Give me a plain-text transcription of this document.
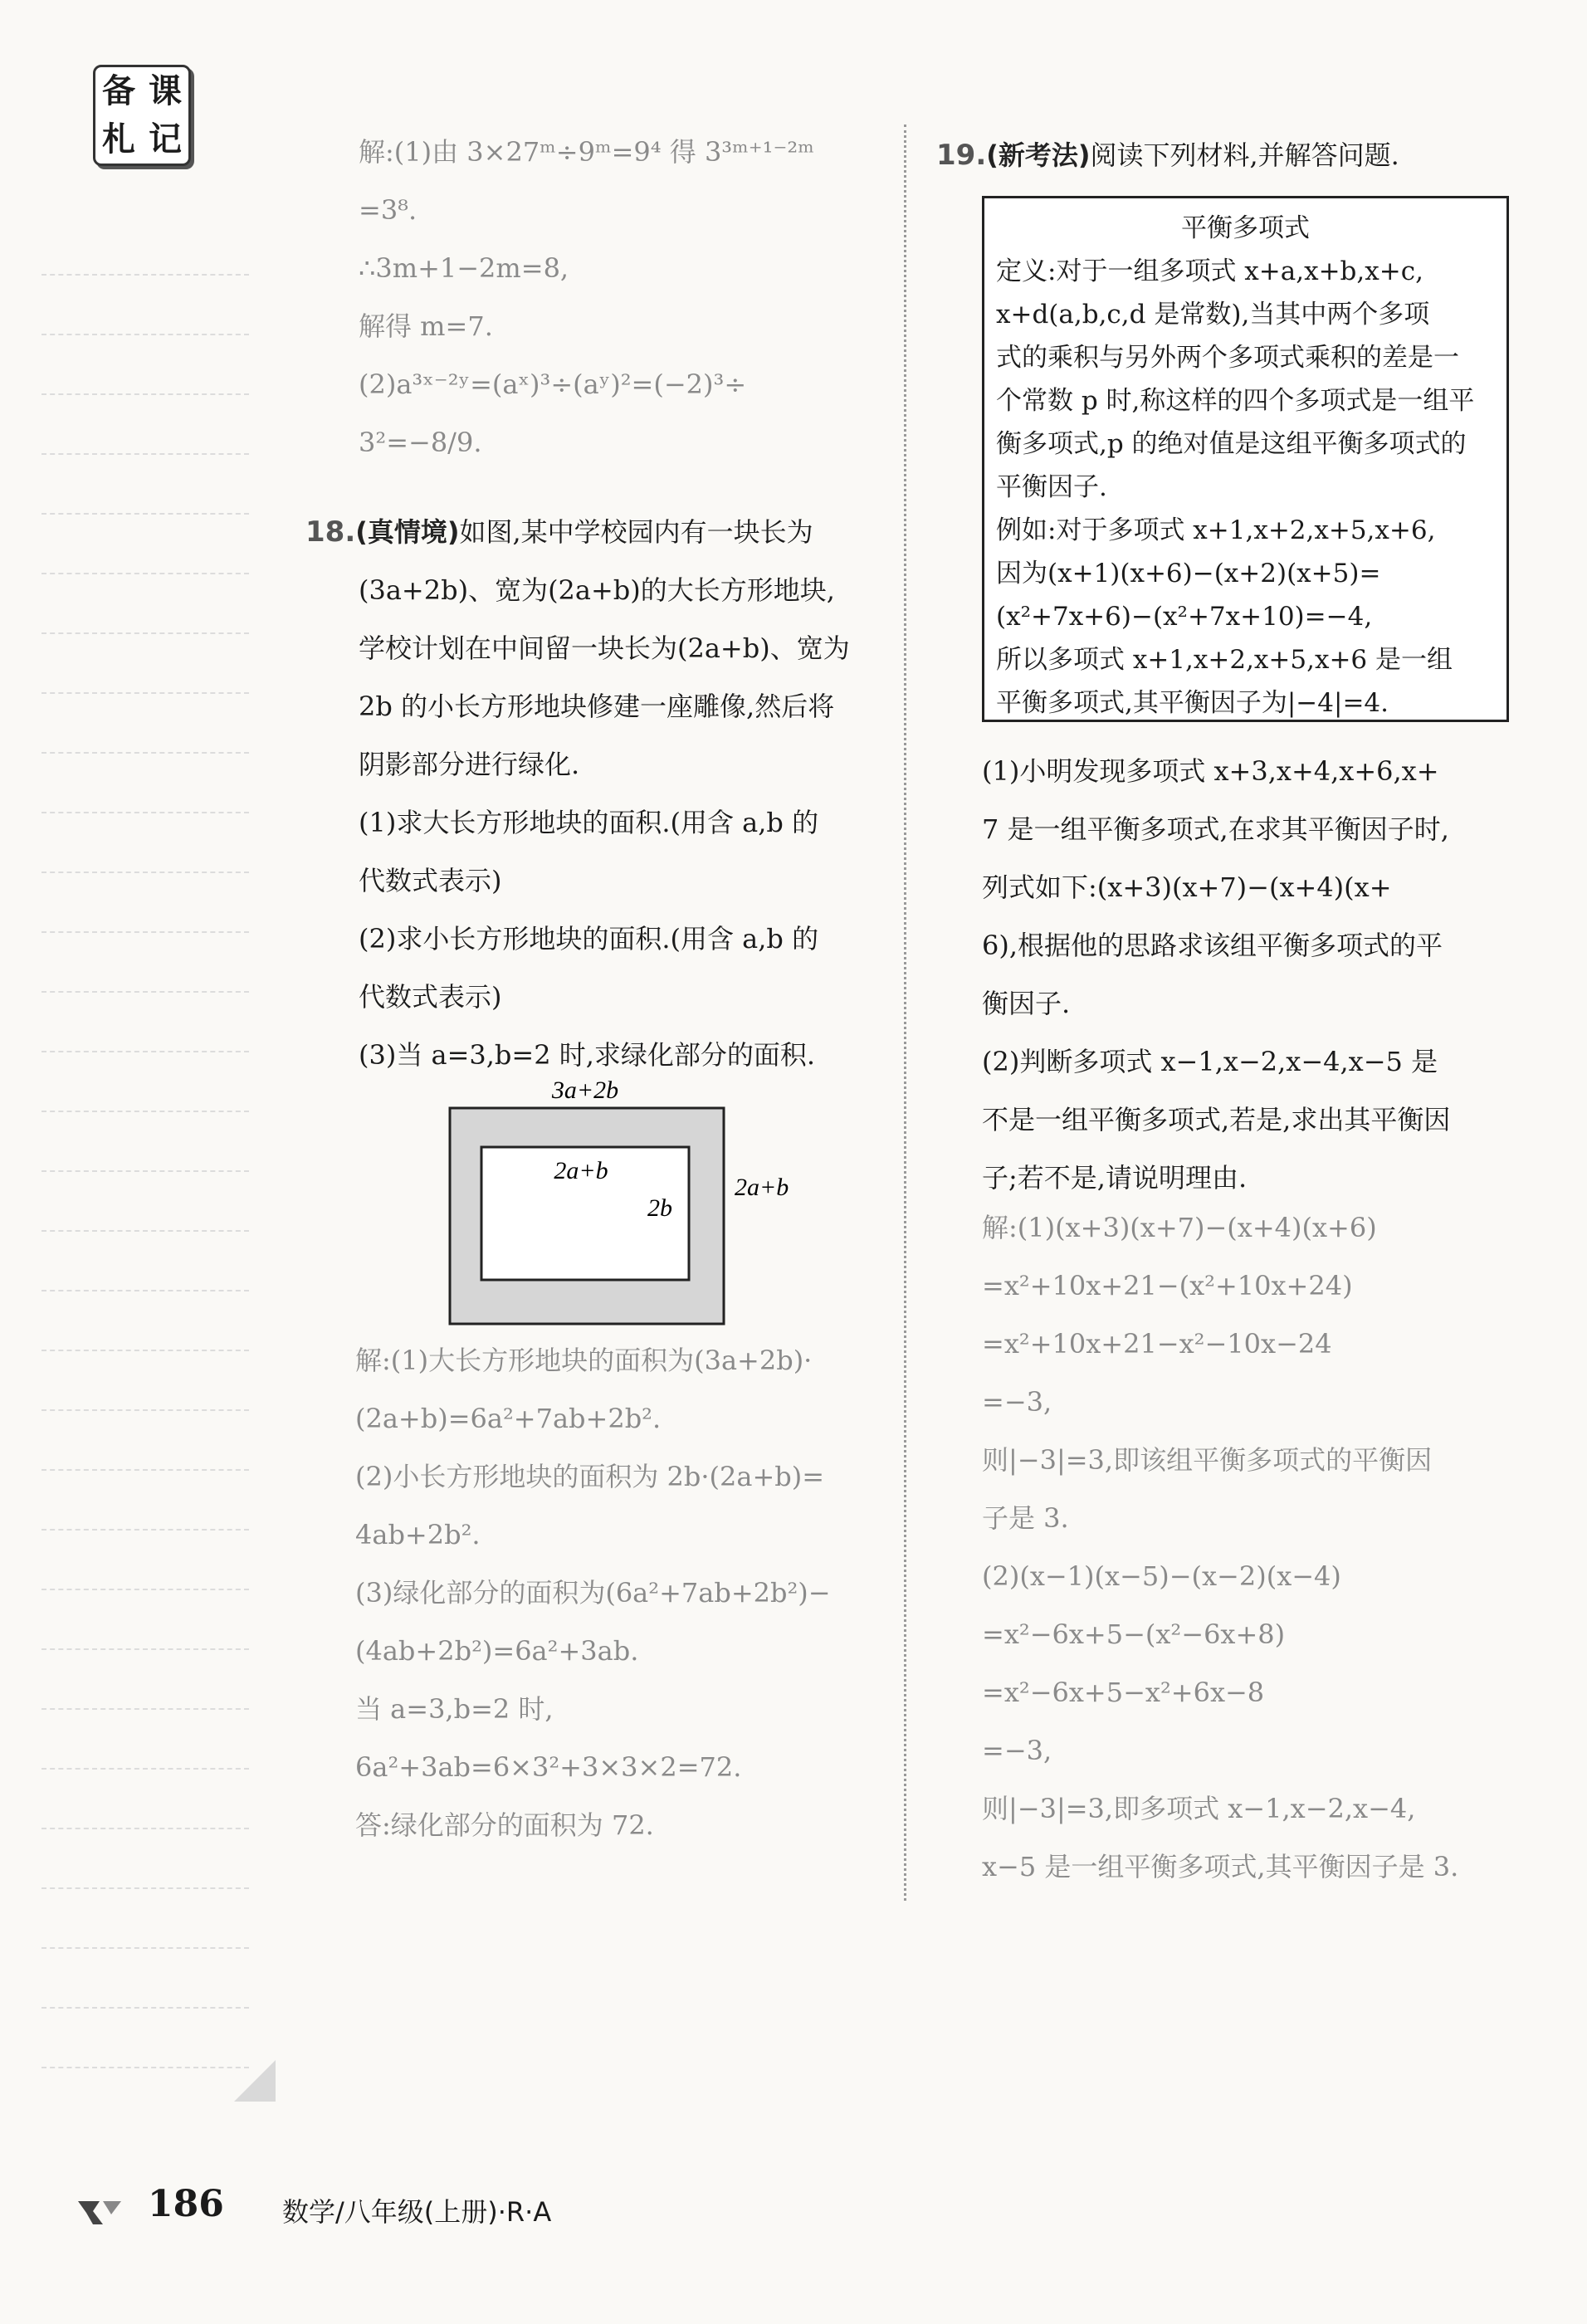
备 课
札 记	解:(1)由 3×27ᵐ÷9ᵐ=9⁴ 得 3³ᵐ⁺¹⁻²ᵐ
=3⁸.
∴3m+1−2m=8,
解得 m=7.
(2)a³ˣ⁻²ʸ=(aˣ)³÷(aʸ)²=(−2)³÷
3²=−8/9.
18.(真情境)如图,某中学校园内有一块长为
(3a+2b)、宽为(2a+b)的大长方形地块,
学校计划在中间留一块长为(2a+b)、宽为
2b 的小长方形地块修建一座雕像,然后将
阴影部分进行绿化.
(1)求大长方形地块的面积.(用含 a,b 的
代数式表示)
(2)求小长方形地块的面积.(用含 a,b 的
代数式表示)
(3)当 a=3,b=2 时,求绿化部分的面积.
3a+2b
2a+b
2a+b
2b
解:(1)大长方形地块的面积为(3a+2b)·
(2a+b)=6a²+7ab+2b².
(2)小长方形地块的面积为 2b·(2a+b)=
4ab+2b².
(3)绿化部分的面积为(6a²+7ab+2b²)−
(4ab+2b²)=6a²+3ab.
当 a=3,b=2 时,
6a²+3ab=6×3²+3×3×2=72.
答:绿化部分的面积为 72.
19.(新考法)阅读下列材料,并解答问题.
平衡多项式
定义:对于一组多项式 x+a,x+b,x+c,
x+d(a,b,c,d 是常数),当其中两个多项
式的乘积与另外两个多项式乘积的差是一
个常数 p 时,称这样的四个多项式是一组平
衡多项式,p 的绝对值是这组平衡多项式的
平衡因子.
例如:对于多项式 x+1,x+2,x+5,x+6,
因为(x+1)(x+6)−(x+2)(x+5)=
(x²+7x+6)−(x²+7x+10)=−4,
所以多项式 x+1,x+2,x+5,x+6 是一组
平衡多项式,其平衡因子为|−4|=4.
(1)小明发现多项式 x+3,x+4,x+6,x+
7 是一组平衡多项式,在求其平衡因子时,
列式如下:(x+3)(x+7)−(x+4)(x+
6),根据他的思路求该组平衡多项式的平
衡因子.
(2)判断多项式 x−1,x−2,x−4,x−5 是
不是一组平衡多项式,若是,求出其平衡因
子;若不是,请说明理由.
解:(1)(x+3)(x+7)−(x+4)(x+6)
=x²+10x+21−(x²+10x+24)
=x²+10x+21−x²−10x−24
=−3,
则|−3|=3,即该组平衡多项式的平衡因
子是 3.
(2)(x−1)(x−5)−(x−2)(x−4)
=x²−6x+5−(x²−6x+8)
=x²−6x+5−x²+6x−8
=−3,
则|−3|=3,即多项式 x−1,x−2,x−4,
x−5 是一组平衡多项式,其平衡因子是 3.
186 数学/八年级(上册)·R·A
